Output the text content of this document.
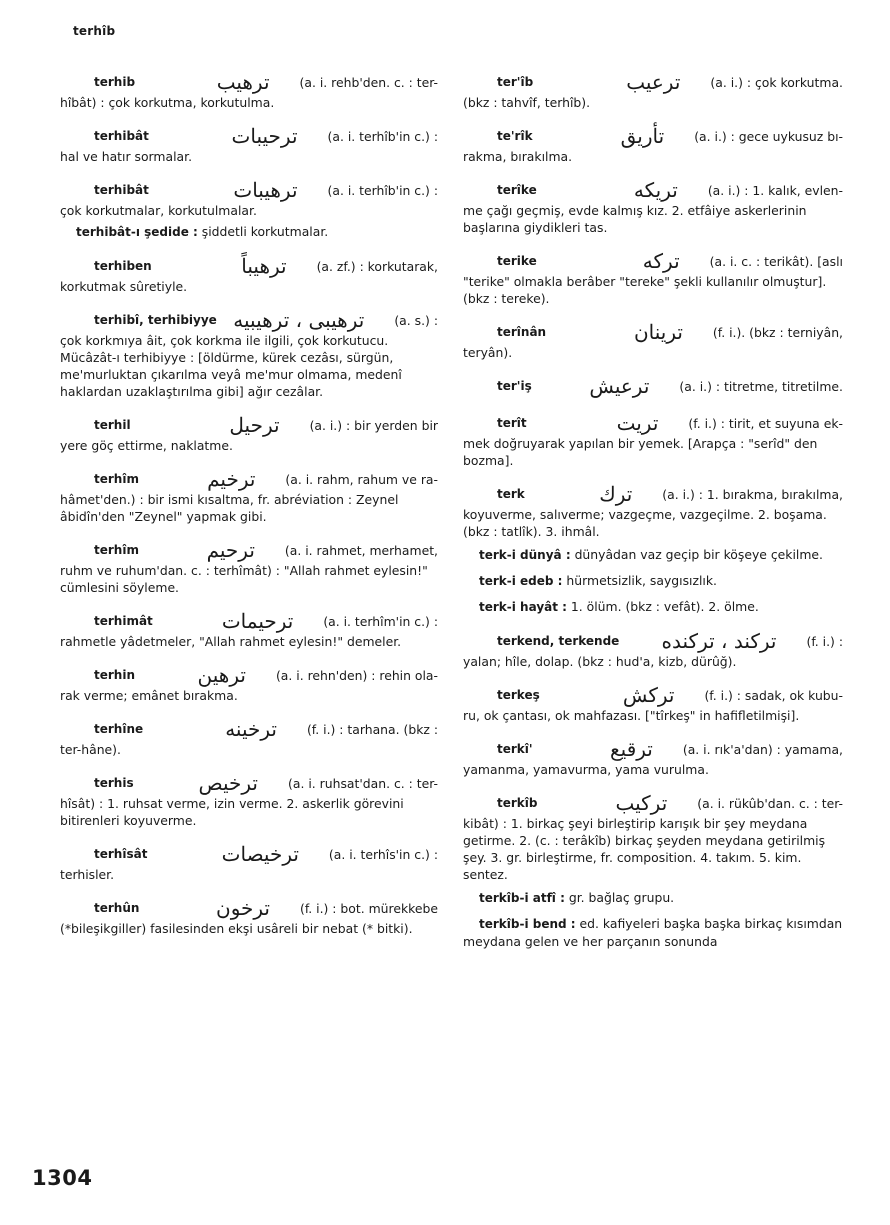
terhîb
terhib	ترهيب (a. i. rehb'den. c. : ter-
hîbât) : çok korkutma, korkutulma.
terhibât	ترحيبات (a. i. terhîb'in c.) :
hal ve hatır sormalar.
terhibât	ترهيبات (a. i. terhîb'in c.) :
çok korkutmalar, korkutulmalar.
terhibât-ı şedide : şiddetli korkutmalar.
terhiben	ترهيباً (a. zf.) : korkutarak,
korkutmak sûretiyle.
terhibî, terhibiyye ترهيبی ، ترهيبيه (a. s.) :
çok korkmıya âit, çok korkma ile ilgili, çok korkutucu. Mücâzât-ı terhibiyye : [öldürme, kürek cezâsı, sürgün, me'murluktan çıkarılma veyâ me'mur olmama, medenî haklardan uzaklaştırılma gibi] ağır cezâlar.
terhil	ترحيل (a. i.) : bir yerden bir
yere göç ettirme, naklatme.
terhîm	ترخيم (a. i. rahm, rahum ve ra-
hâmet'den.) : bir ismi kısaltma, fr. abréviation : Zeynel âbidîn'den "Zeynel" yapmak gibi.
terhîm	ترحيم (a. i. rahmet, merhamet,
ruhm ve ruhum'dan. c. : terhîmât) : "Allah rahmet eylesin!" cümlesini söyleme.
terhimât	ترحيمات (a. i. terhîm'in c.) :
rahmetle yâdetmeler, "Allah rahmet eylesin!" demeler.
terhin	ترهين (a. i. rehn'den) : rehin ola-
rak verme; emânet bırakma.
terhîne	ترخينه (f. i.) : tarhana. (bkz :
ter-hâne).
terhis	ترخيص (a. i. ruhsat'dan. c. : ter-
hîsât) : 1. ruhsat verme, izin verme. 2. askerlik görevini bitirenleri koyuverme.
terhîsât	ترخيصات (a. i. terhîs'in c.) :
terhisler.
terhûn	ترخون (f. i.) : bot. mürekkebe
(*bileşikgiller) fasilesinden ekşi usâreli bir nebat (* bitki).
ter'îb	ترعيب (a. i.) : çok korkutma.
(bkz : tahvîf, terhîb).
te'rîk	تأريق (a. i.) : gece uykusuz bı-
rakma, bırakılma.
terîke	تريكه (a. i.) : 1. kalık, evlen-
me çağı geçmiş, evde kalmış kız. 2. etfâiye askerlerinin başlarına giydikleri tas.
terike	تركه (a. i. c. : terikât). [aslı
"terike" olmakla berâber "tereke" şekli kullanılır olmuştur]. (bkz : tereke).
terînân	ترينان (f. i.). (bkz : terniyân,
teryân).
ter'iş	ترعيش (a. i.) : titretme, titretilme.
terît	تريت (f. i.) : tirit, et suyuna ek-
mek doğruyarak yapılan bir yemek. [Arapça : "serîd" den bozma].
terk	ترك (a. i.) : 1. bırakma, bırakılma,
koyuverme, salıverme; vazgeçme, vazgeçilme. 2. boşama. (bkz : tatlîk). 3. ihmâl.
terk-i dünyâ : dünyâdan vaz geçip bir köşeye çekilme.
terk-i edeb : hürmetsizlik, saygısızlık.
terk-i hayât : 1. ölüm. (bkz : vefât). 2. ölme.
terkend, terkende ترکند ، ترکنده (f. i.) :
yalan; hîle, dolap. (bkz : hud'a, kizb, dürûğ).
terkeş	ترکش (f. i.) : sadak, ok kubu-
ru, ok çantası, ok mahfazası. ["tîrkeş" in hafifletilmişi].
terkî'	ترقيع (a. i. rık'a'dan) : yamama,
yamanma, yamavurma, yama vurulma.
terkîb	ترکيب (a. i. rükûb'dan. c. : ter-
kibât) : 1. birkaç şeyi birleştirip karışık bir şey meydana getirme. 2. (c. : terâkîb) birkaç şeyden meydana getirilmiş şey. 3. gr. birleştirme, fr. composition. 4. takım. 5. kim. sentez.
terkîb-i atfî : gr. bağlaç grupu.
terkîb-i bend : ed. kafiyeleri başka başka birkaç kısımdan meydana gelen ve her parçanın sonunda
1304
